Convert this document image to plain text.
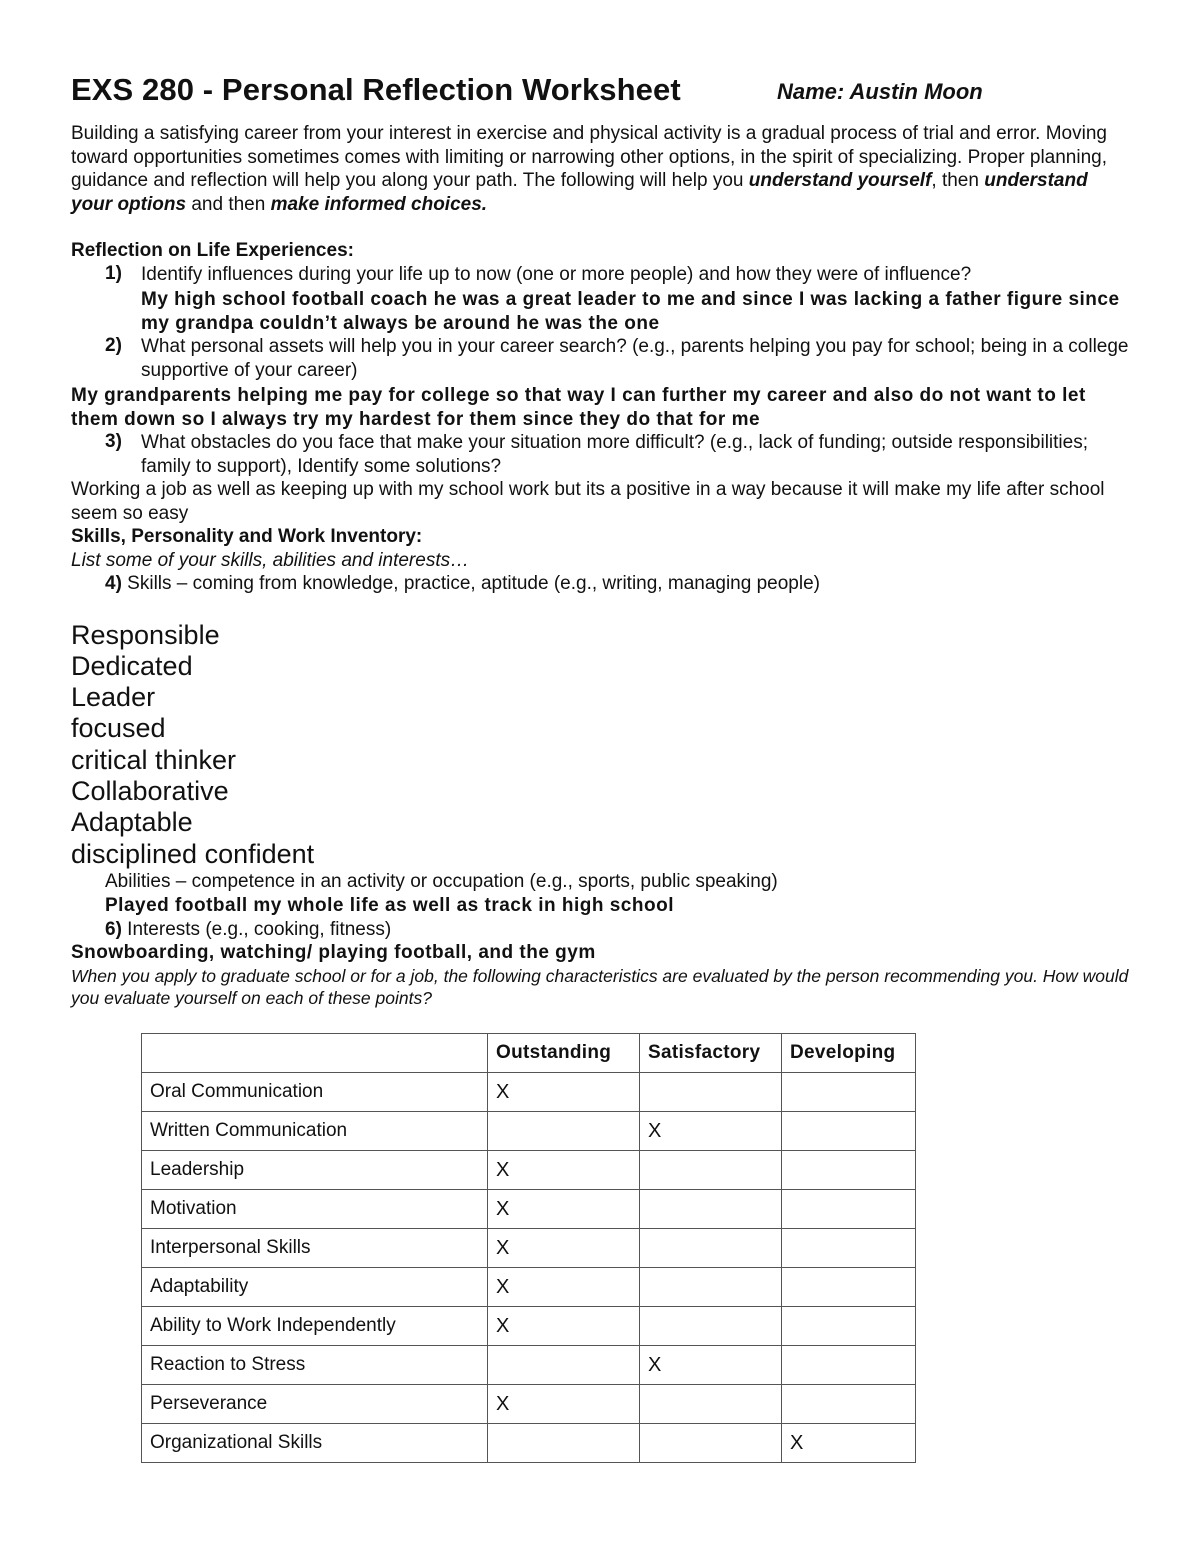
EXS 280 - Personal Reflection Worksheet	Name: Austin Moon

Building a satisfying career from your interest in exercise and physical activity is a gradual process of trial and error. Moving toward opportunities sometimes comes with limiting or narrowing other options, in the spirit of specializing. Proper planning, guidance and reflection will help you along your path. The following will help you understand yourself, then understand your options and then make informed choices.

Reflection on Life Experiences:
1) Identify influences during your life up to now (one or more people) and how they were of influence?
My high school football coach he was a great leader to me and since I was lacking a father figure since my grandpa couldn’t always be around he was the one
2) What personal assets will help you in your career search? (e.g., parents helping you pay for school; being in a college supportive of your career)
My grandparents helping me pay for college so that way I can further my career and also do not want to let them down so I always try my hardest for them since they do that for me
3) What obstacles do you face that make your situation more difficult? (e.g., lack of funding; outside responsibilities; family to support), Identify some solutions?
Working a job as well as keeping up with my school work but its a positive in a way because it will make my life after school seem so easy
Skills, Personality and Work Inventory:
List some of your skills, abilities and interests…
4) Skills – coming from knowledge, practice, aptitude (e.g., writing, managing people)
Responsible
Dedicated
Leader
focused
critical thinker
Collaborative
Adaptable
disciplined confident
Abilities – competence in an activity or occupation (e.g., sports, public speaking)
Played football my whole life as well as track in high school
6) Interests (e.g., cooking, fitness)
Snowboarding, watching/ playing football, and the gym
When you apply to graduate school or for a job, the following characteristics are evaluated by the person recommending you. How would you evaluate yourself on each of these points?
	Outstanding	Satisfactory	Developing
Oral Communication	X		
Written Communication		X	
Leadership	X		
Motivation	X		
Interpersonal Skills	X		
Adaptability	X		
Ability to Work Independently	X		
Reaction to Stress		X	
Perseverance	X		
Organizational Skills			X
